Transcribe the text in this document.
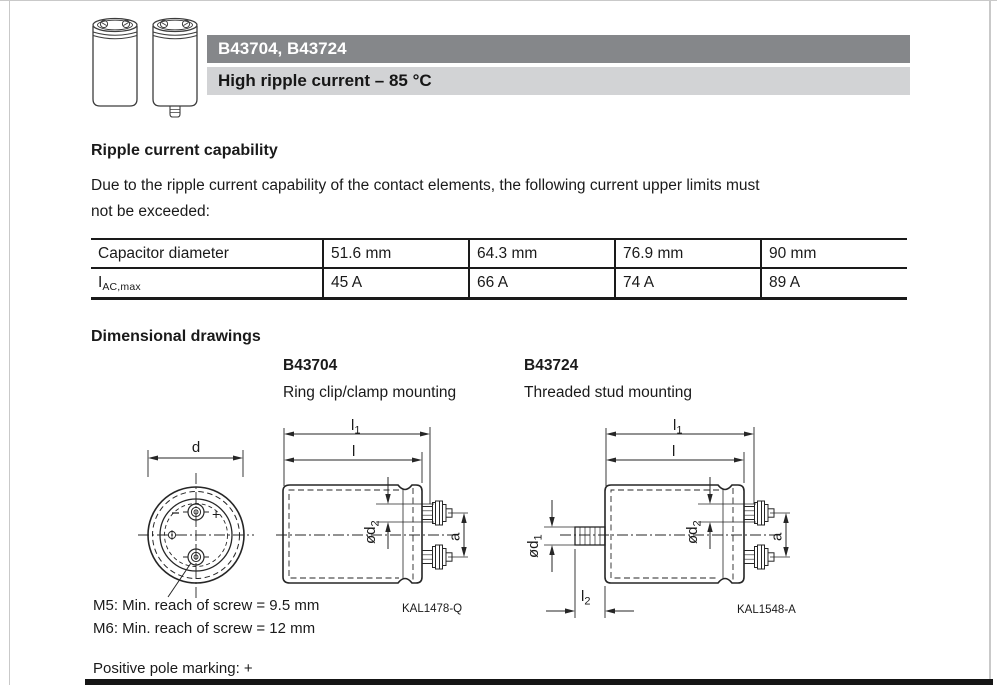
B43704, B43724
High ripple current – 85 °C
Ripple current capability
Due to the ripple current capability of the contact elements, the following current upper limits must
not be exceeded:
Capacitor diameter	51.6 mm	64.3 mm	76.9 mm	90 mm
I AC,max	45 A	66 A	74 A	89 A
Dimensional drawings
B43704
Ring clip/clamp mounting
B43724
Threaded stud mounting
d
+
$l_1$
l
$ød_2$
a
KAL1478-Q
$l_1$
l
$ød_1$
$l_2$
$ød_2$
a
KAL1548-A
M5: Min. reach of screw = 9.5 mm
M6: Min. reach of screw = 12 mm
Positive pole marking: +
